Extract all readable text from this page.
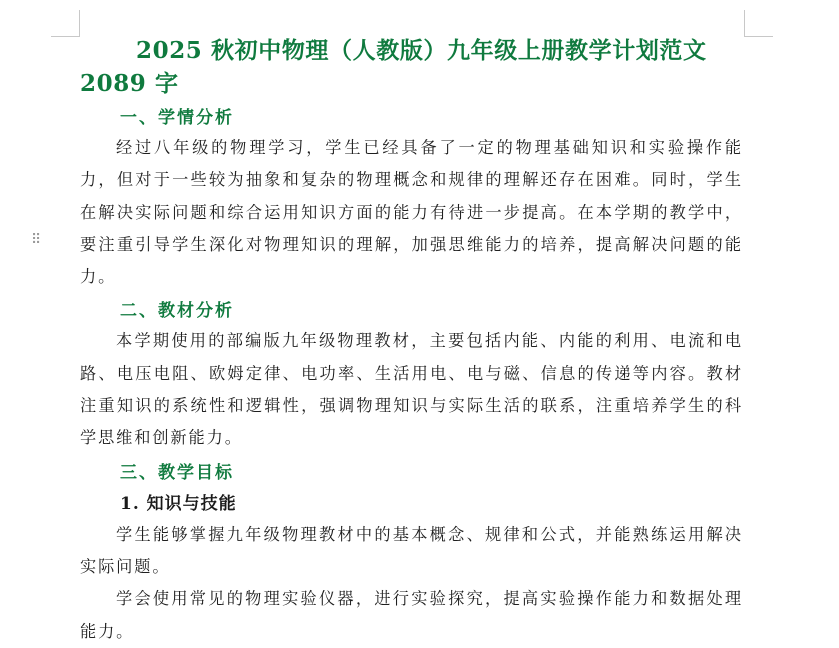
⠿
2025 秋初中物理（人教版）九年级上册教学计划范文 2089 字
一、学情分析

经过八年级的物理学习，学生已经具备了一定的物理基础知识和实验操作能力，但对于一些较为抽象和复杂的物理概念和规律的理解还存在困难。同时，学生在解决实际问题和综合运用知识方面的能力有待进一步提高。在本学期的教学中，要注重引导学生深化对物理知识的理解，加强思维能力的培养，提高解决问题的能力。

二、教材分析

本学期使用的部编版九年级物理教材，主要包括内能、内能的利用、电流和电路、电压电阻、欧姆定律、电功率、生活用电、电与磁、信息的传递等内容。教材注重知识的系统性和逻辑性，强调物理知识与实际生活的联系，注重培养学生的科学思维和创新能力。

三、教学目标
1. 知识与技能

学生能够掌握九年级物理教材中的基本概念、规律和公式，并能熟练运用解决实际问题。

学会使用常见的物理实验仪器，进行实验探究，提高实验操作能力和数据处理能力。
